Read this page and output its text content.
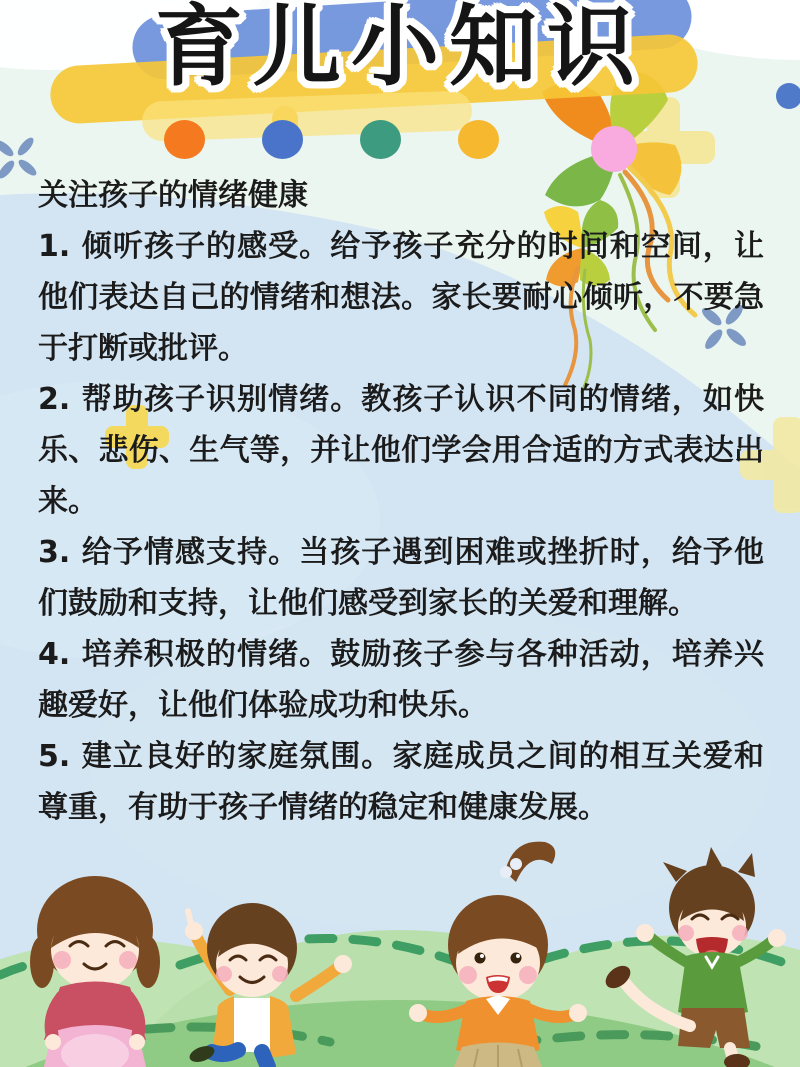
育儿小知识

关注孩子的情绪健康

1. 倾听孩子的感受。给予孩子充分的时间和空间，让他们表达自己的情绪和想法。家长要耐心倾听，不要急于打断或批评。

2. 帮助孩子识别情绪。教孩子认识不同的情绪，如快乐、悲伤、生气等，并让他们学会用合适的方式表达出来。

3. 给予情感支持。当孩子遇到困难或挫折时，给予他们鼓励和支持，让他们感受到家长的关爱和理解。

4. 培养积极的情绪。鼓励孩子参与各种活动，培养兴趣爱好，让他们体验成功和快乐。

5. 建立良好的家庭氛围。家庭成员之间的相互关爱和尊重，有助于孩子情绪的稳定和健康发展。
